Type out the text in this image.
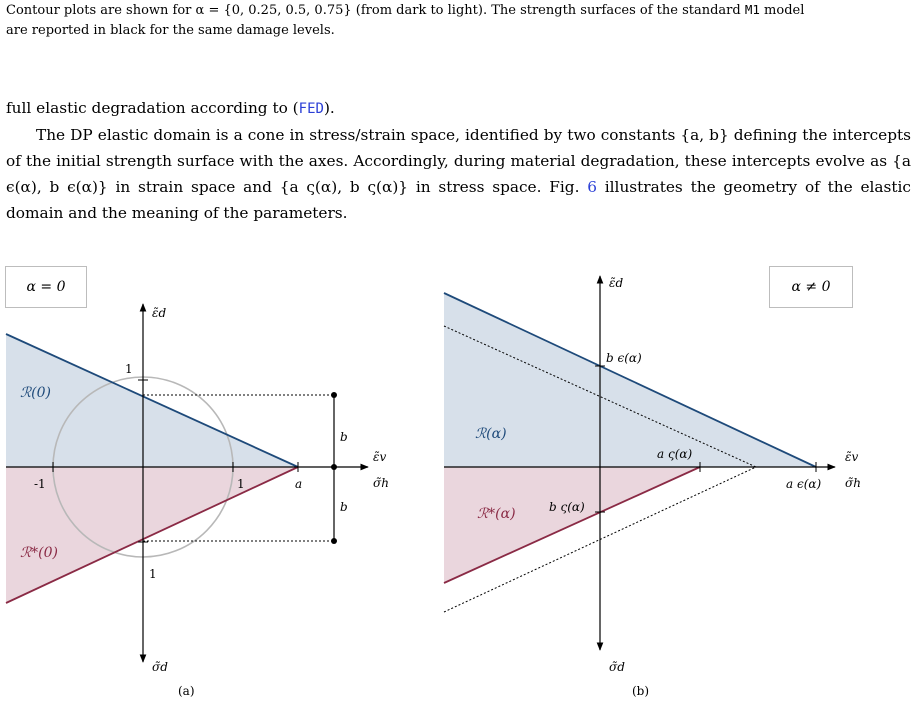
Contour plots are shown for α = {0, 0.25, 0.5, 0.75} (from dark to light). The strength surfaces of the standard M1 model
are reported in black for the same damage levels.
full elastic degradation according to (FED).
The DP elastic domain is a cone in stress/strain space, identified by two constants {a, b} defining the intercepts of the initial strength surface with the axes. Accordingly, during material degradation, these intercepts evolve as {a ϵ(α), b ϵ(α)} in strain space and {a ς(α), b ς(α)} in stress space. Fig. 6 illustrates the geometry of the elastic domain and the meaning of the parameters.
ε̃d
ε̃v
σ̃h
σ̃d
ℛ(0)
ℛ*(0)
1
1
-1	1	a
b
b
ε̃d
ε̃v
σ̃h
σ̃d
ℛ(α)
ℛ*(α)
b ϵ(α)
a ς(α)
b ς(α)
a ϵ(α)
α = 0	α ≠ 0
(a)	(b)
